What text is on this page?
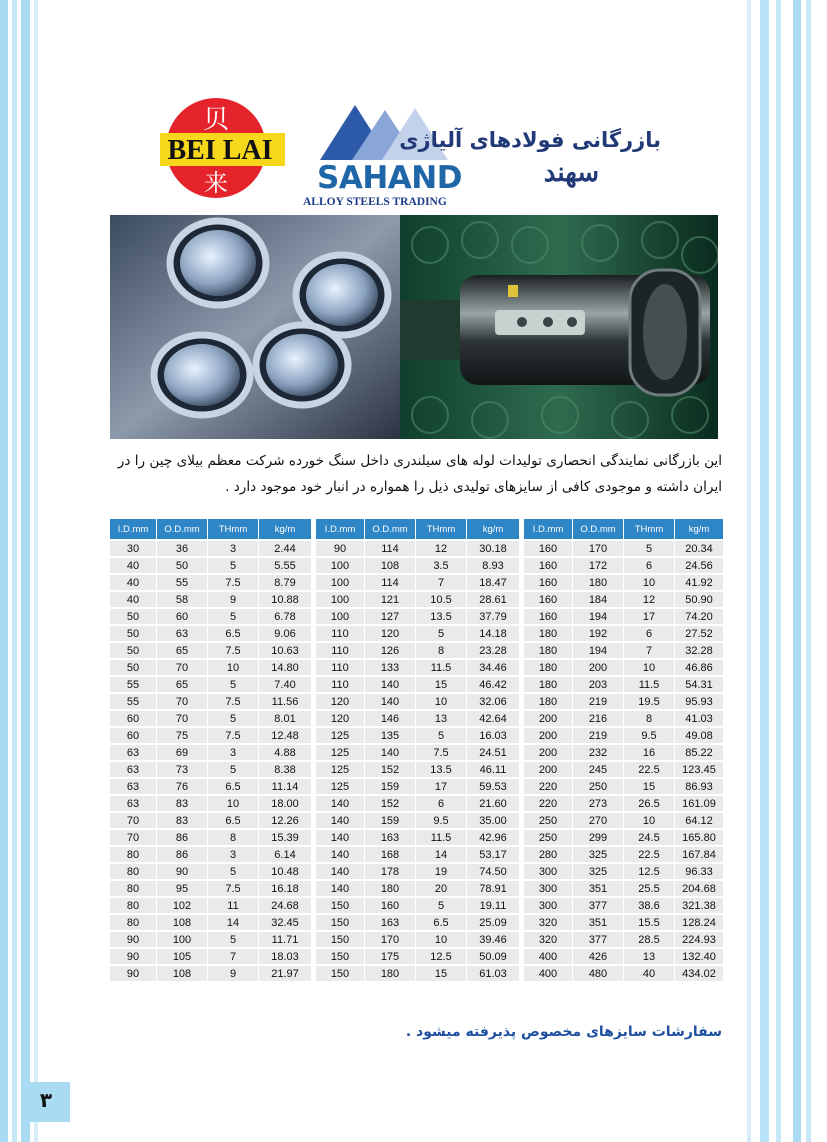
贝
BEI LAI
来	SAHAND
ALLOY STEELS TRADING
بازرگانی فولادهای آلیاژی
سهند

این بازرگانی نمایندگی انحصاری تولیدات لوله های سیلندری داخل سنگ خورده شرکت معظم بیلای چین را در

ایران داشته و موجودی کافی از سایزهای تولیدی ذیل را همواره در انبار خود موجود دارد .

I.D.mm	O.D.mm	THmm	kg/m		I.D.mm	O.D.mm	THmm	kg/m		I.D.mm	O.D.mm	THmm	kg/m
30	36	3	2.44		90	114	12	30.18		160	170	5	20.34
40	50	5	5.55		100	108	3.5	8.93		160	172	6	24.56
40	55	7.5	8.79		100	114	7	18.47		160	180	10	41.92
40	58	9	10.88		100	121	10.5	28.61		160	184	12	50.90
50	60	5	6.78		100	127	13.5	37.79		160	194	17	74.20
50	63	6.5	9.06		110	120	5	14.18		180	192	6	27.52
50	65	7.5	10.63		110	126	8	23.28		180	194	7	32.28
50	70	10	14.80		110	133	11.5	34.46		180	200	10	46.86
55	65	5	7.40		110	140	15	46.42		180	203	11.5	54.31
55	70	7.5	11.56		120	140	10	32.06		180	219	19.5	95.93
60	70	5	8.01		120	146	13	42.64		200	216	8	41.03
60	75	7.5	12.48		125	135	5	16.03		200	219	9.5	49.08
63	69	3	4.88		125	140	7.5	24.51		200	232	16	85.22
63	73	5	8.38		125	152	13.5	46.11		200	245	22.5	123.45
63	76	6.5	11.14		125	159	17	59.53		220	250	15	86.93
63	83	10	18.00		140	152	6	21.60		220	273	26.5	161.09
70	83	6.5	12.26		140	159	9.5	35.00		250	270	10	64.12
70	86	8	15.39		140	163	11.5	42.96		250	299	24.5	165.80
80	86	3	6.14		140	168	14	53.17		280	325	22.5	167.84
80	90	5	10.48		140	178	19	74.50		300	325	12.5	96.33
80	95	7.5	16.18		140	180	20	78.91		300	351	25.5	204.68
80	102	11	24.68		150	160	5	19.11		300	377	38.6	321.38
80	108	14	32.45		150	163	6.5	25.09		320	351	15.5	128.24
90	100	5	11.71		150	170	10	39.46		320	377	28.5	224.93
90	105	7	18.03		150	175	12.5	50.09		400	426	13	132.40
90	108	9	21.97		150	180	15	61.03		400	480	40	434.02
سفارشات سایزهای مخصوص پذیرفته میشود .
۳
